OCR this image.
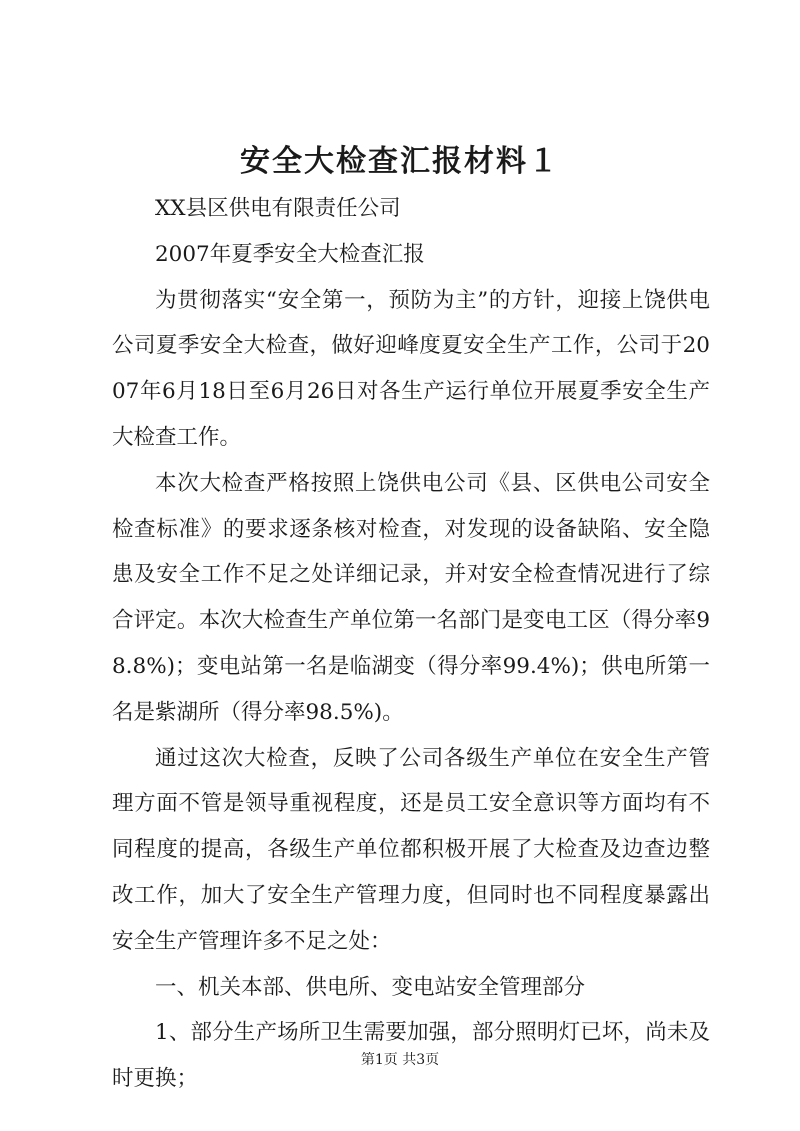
安全大检查汇报材料１

XX县区供电有限责任公司

2007年夏季安全大检查汇报

为贯彻落实“安全第一，预防为主”的方针，迎接上饶供电公司夏季安全大检查，做好迎峰度夏安全生产工作，公司于2007年6月18日至6月26日对各生产运行单位开展夏季安全生产大检查工作。

本次大检查严格按照上饶供电公司《县、区供电公司安全检查标准》的要求逐条核对检查，对发现的设备缺陷、安全隐患及安全工作不足之处详细记录，并对安全检查情况进行了综合评定。本次大检查生产单位第一名部门是变电工区（得分率98.8%)；变电站第一名是临湖变（得分率99.4%)；供电所第一名是紫湖所（得分率98.5%)。

通过这次大检查，反映了公司各级生产单位在安全生产管理方面不管是领导重视程度，还是员工安全意识等方面均有不同程度的提高，各级生产单位都积极开展了大检查及边查边整改工作，加大了安全生产管理力度，但同时也不同程度暴露出安全生产管理许多不足之处：

一、机关本部、供电所、变电站安全管理部分

1、部分生产场所卫生需要加强，部分照明灯已坏，尚未及时更换；

第1页 共3页
